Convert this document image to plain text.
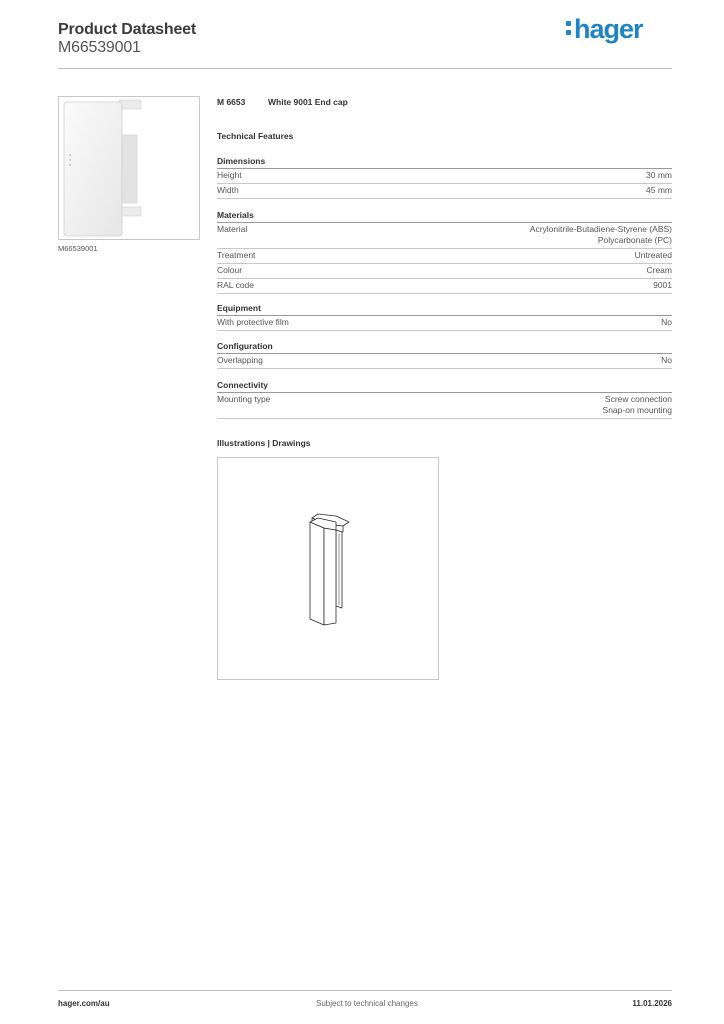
Product Datasheet
M66539001
hager
M66539001
M 6653	White 9001 End cap
Technical Features
Dimensions
Height	30 mm
Width	45 mm
Materials
Material	Acrylonitrile-Butadiene-Styrene (ABS)
Polycarbonate (PC)
Treatment	Untreated
Colour	Cream
RAL code	9001
Equipment
With protective film	No
Configuration
Overlapping	No
Connectivity
Mounting type	Screw connection
Snap-on mounting
Illustrations | Drawings
hager.com/au	Subject to technical changes	11.01.2026
